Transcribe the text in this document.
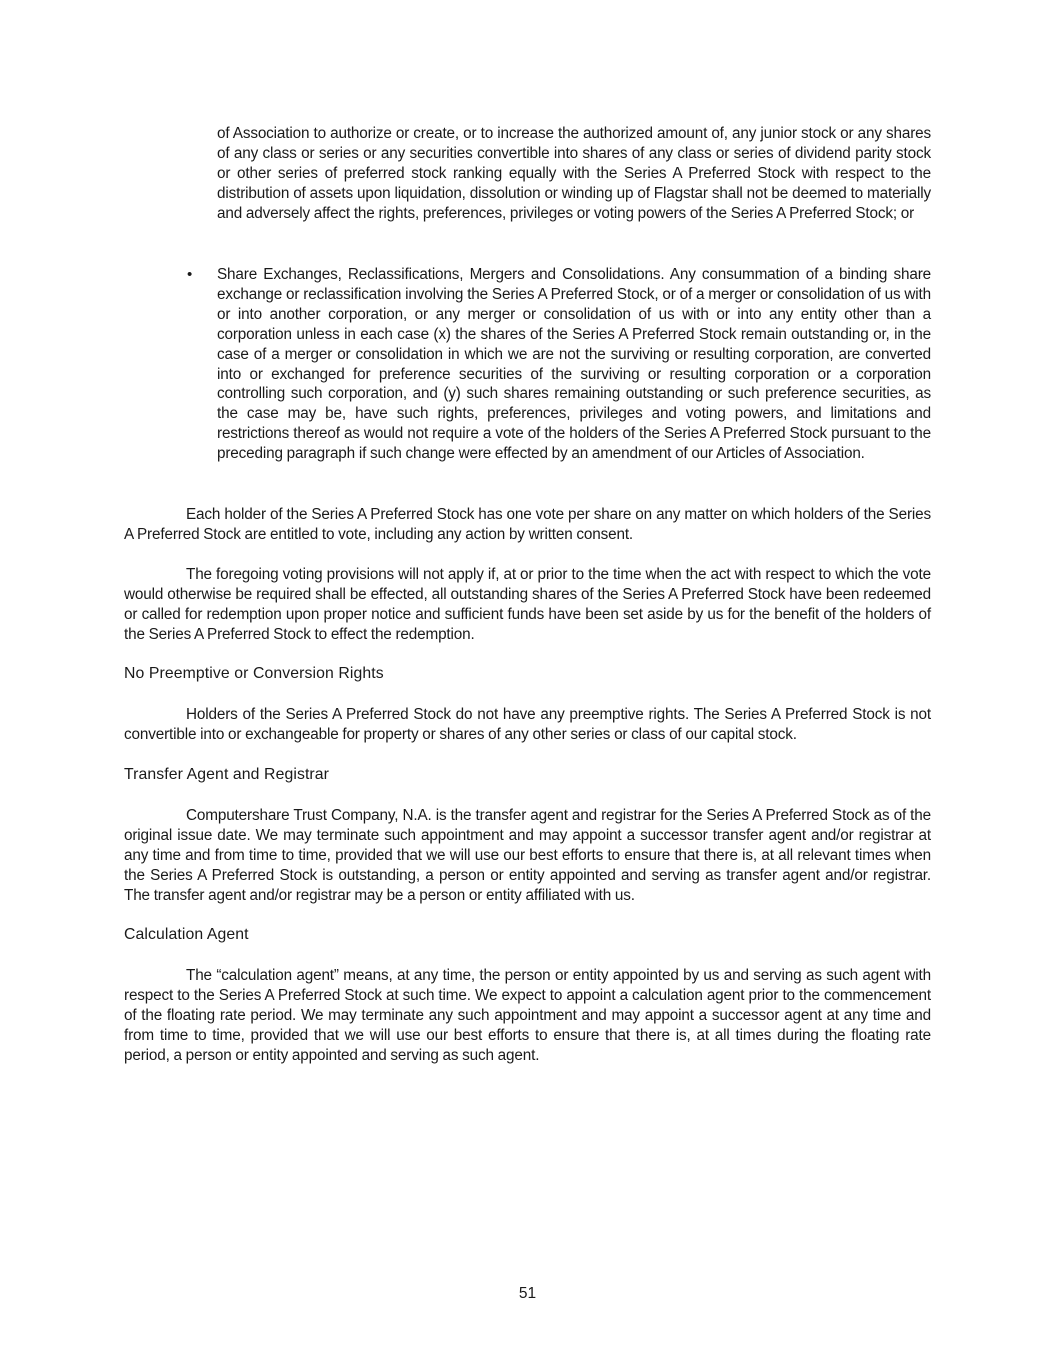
of Association to authorize or create, or to increase the authorized amount of, any junior stock or any shares of any class or series or any securities convertible into shares of any class or series of dividend parity stock or other series of preferred stock ranking equally with the Series A Preferred Stock with respect to the distribution of assets upon liquidation, dissolution or winding up of Flagstar shall not be deemed to materially and adversely affect the rights, preferences, privileges or voting powers of the Series A Preferred Stock; or
•	Share Exchanges, Reclassifications, Mergers and Consolidations. Any consummation of a binding share exchange or reclassification involving the Series A Preferred Stock, or of a merger or consolidation of us with or into another corporation, or any merger or consolidation of us with or into any entity other than a corporation unless in each case (x) the shares of the Series A Preferred Stock remain outstanding or, in the case of a merger or consolidation in which we are not the surviving or resulting corporation, are converted into or exchanged for preference securities of the surviving or resulting corporation or a corporation controlling such corporation, and (y) such shares remaining outstanding or such preference securities, as the case may be, have such rights, preferences, privileges and voting powers, and limitations and restrictions thereof as would not require a vote of the holders of the Series A Preferred Stock pursuant to the preceding paragraph if such change were effected by an amendment of our Articles of Association.
Each holder of the Series A Preferred Stock has one vote per share on any matter on which holders of the Series A Preferred Stock are entitled to vote, including any action by written consent.
The foregoing voting provisions will not apply if, at or prior to the time when the act with respect to which the vote would otherwise be required shall be effected, all outstanding shares of the Series A Preferred Stock have been redeemed or called for redemption upon proper notice and sufficient funds have been set aside by us for the benefit of the holders of the Series A Preferred Stock to effect the redemption.
No Preemptive or Conversion Rights
Holders of the Series A Preferred Stock do not have any preemptive rights. The Series A Preferred Stock is not convertible into or exchangeable for property or shares of any other series or class of our capital stock.
Transfer Agent and Registrar
Computershare Trust Company, N.A. is the transfer agent and registrar for the Series A Preferred Stock as of the original issue date. We may terminate such appointment and may appoint a successor transfer agent and/or registrar at any time and from time to time, provided that we will use our best efforts to ensure that there is, at all relevant times when the Series A Preferred Stock is outstanding, a person or entity appointed and serving as transfer agent and/or registrar. The transfer agent and/or registrar may be a person or entity affiliated with us.
Calculation Agent
The “calculation agent” means, at any time, the person or entity appointed by us and serving as such agent with respect to the Series A Preferred Stock at such time. We expect to appoint a calculation agent prior to the commencement of the floating rate period. We may terminate any such appointment and may appoint a successor agent at any time and from time to time, provided that we will use our best efforts to ensure that there is, at all times during the floating rate period, a person or entity appointed and serving as such agent.
51
